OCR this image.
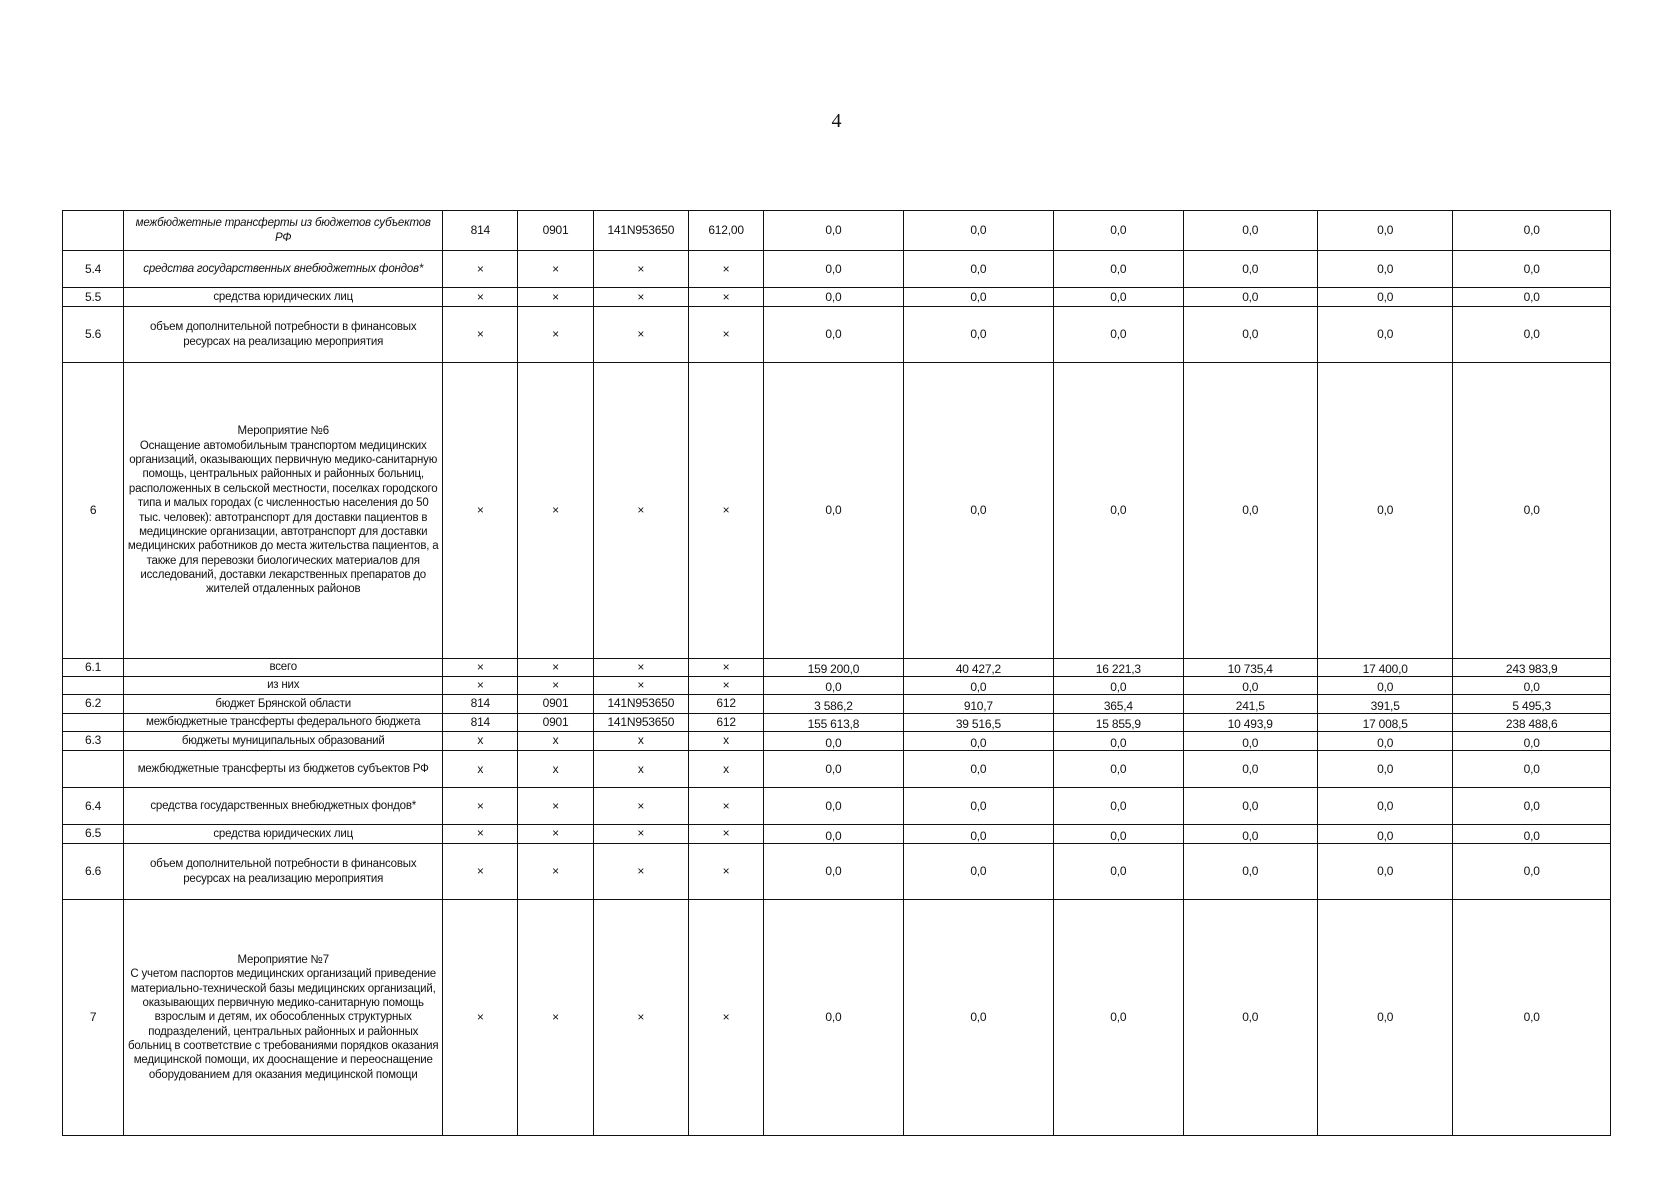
4
	межбюджетные трансферты из бюджетов субъектов РФ	814	0901	141N953650	612,00	0,0	0,0	0,0	0,0	0,0	0,0
5.4	средства государственных внебюджетных фондов*	×	×	×	×	0,0	0,0	0,0	0,0	0,0	0,0
5.5	средства юридических лиц	×	×	×	×	0,0	0,0	0,0	0,0	0,0	0,0
5.6	объем дополнительной потребности в финансовых ресурсах на реализацию мероприятия	×	×	×	×	0,0	0,0	0,0	0,0	0,0	0,0
6	Мероприятие №6
Оснащение автомобильным транспортом медицинских организаций, оказывающих первичную медико-санитарную помощь, центральных районных и районных больниц, расположенных в сельской местности, поселках городского типа и малых городах (с численностью населения до 50 тыс. человек): автотранспорт для доставки пациентов в медицинские организации, автотранспорт для доставки медицинских работников до места жительства пациентов, а также для перевозки биологических материалов для исследований, доставки лекарственных препаратов до жителей отдаленных районов	×	×	×	×	0,0	0,0	0,0	0,0	0,0	0,0
6.1	всего	×	×	×	×	159 200,0	40 427,2	16 221,3	10 735,4	17 400,0	243 983,9
	из них	×	×	×	×	0,0	0,0	0,0	0,0	0,0	0,0
6.2	бюджет Брянской области	814	0901	141N953650	612	3 586,2	910,7	365,4	241,5	391,5	5 495,3
	межбюджетные трансферты федерального бюджета	814	0901	141N953650	612	155 613,8	39 516,5	15 855,9	10 493,9	17 008,5	238 488,6
6.3	бюджеты муниципальных образований	x	x	x	x	0,0	0,0	0,0	0,0	0,0	0,0
	межбюджетные трансферты из бюджетов субъектов РФ	x	x	x	x	0,0	0,0	0,0	0,0	0,0	0,0
6.4	средства государственных внебюджетных фондов*	×	×	×	×	0,0	0,0	0,0	0,0	0,0	0,0
6.5	средства юридических лиц	×	×	×	×	0,0	0,0	0,0	0,0	0,0	0,0
6.6	объем дополнительной потребности в финансовых ресурсах на реализацию мероприятия	×	×	×	×	0,0	0,0	0,0	0,0	0,0	0,0
7	Мероприятие №7
С учетом паспортов медицинских организаций приведение материально-технической базы медицинских организаций, оказывающих первичную медико-санитарную помощь взрослым и детям, их обособленных структурных подразделений, центральных районных и районных больниц в соответствие с требованиями порядков оказания медицинской помощи, их дооснащение и переоснащение оборудованием для оказания медицинской помощи	×	×	×	×	0,0	0,0	0,0	0,0	0,0	0,0
